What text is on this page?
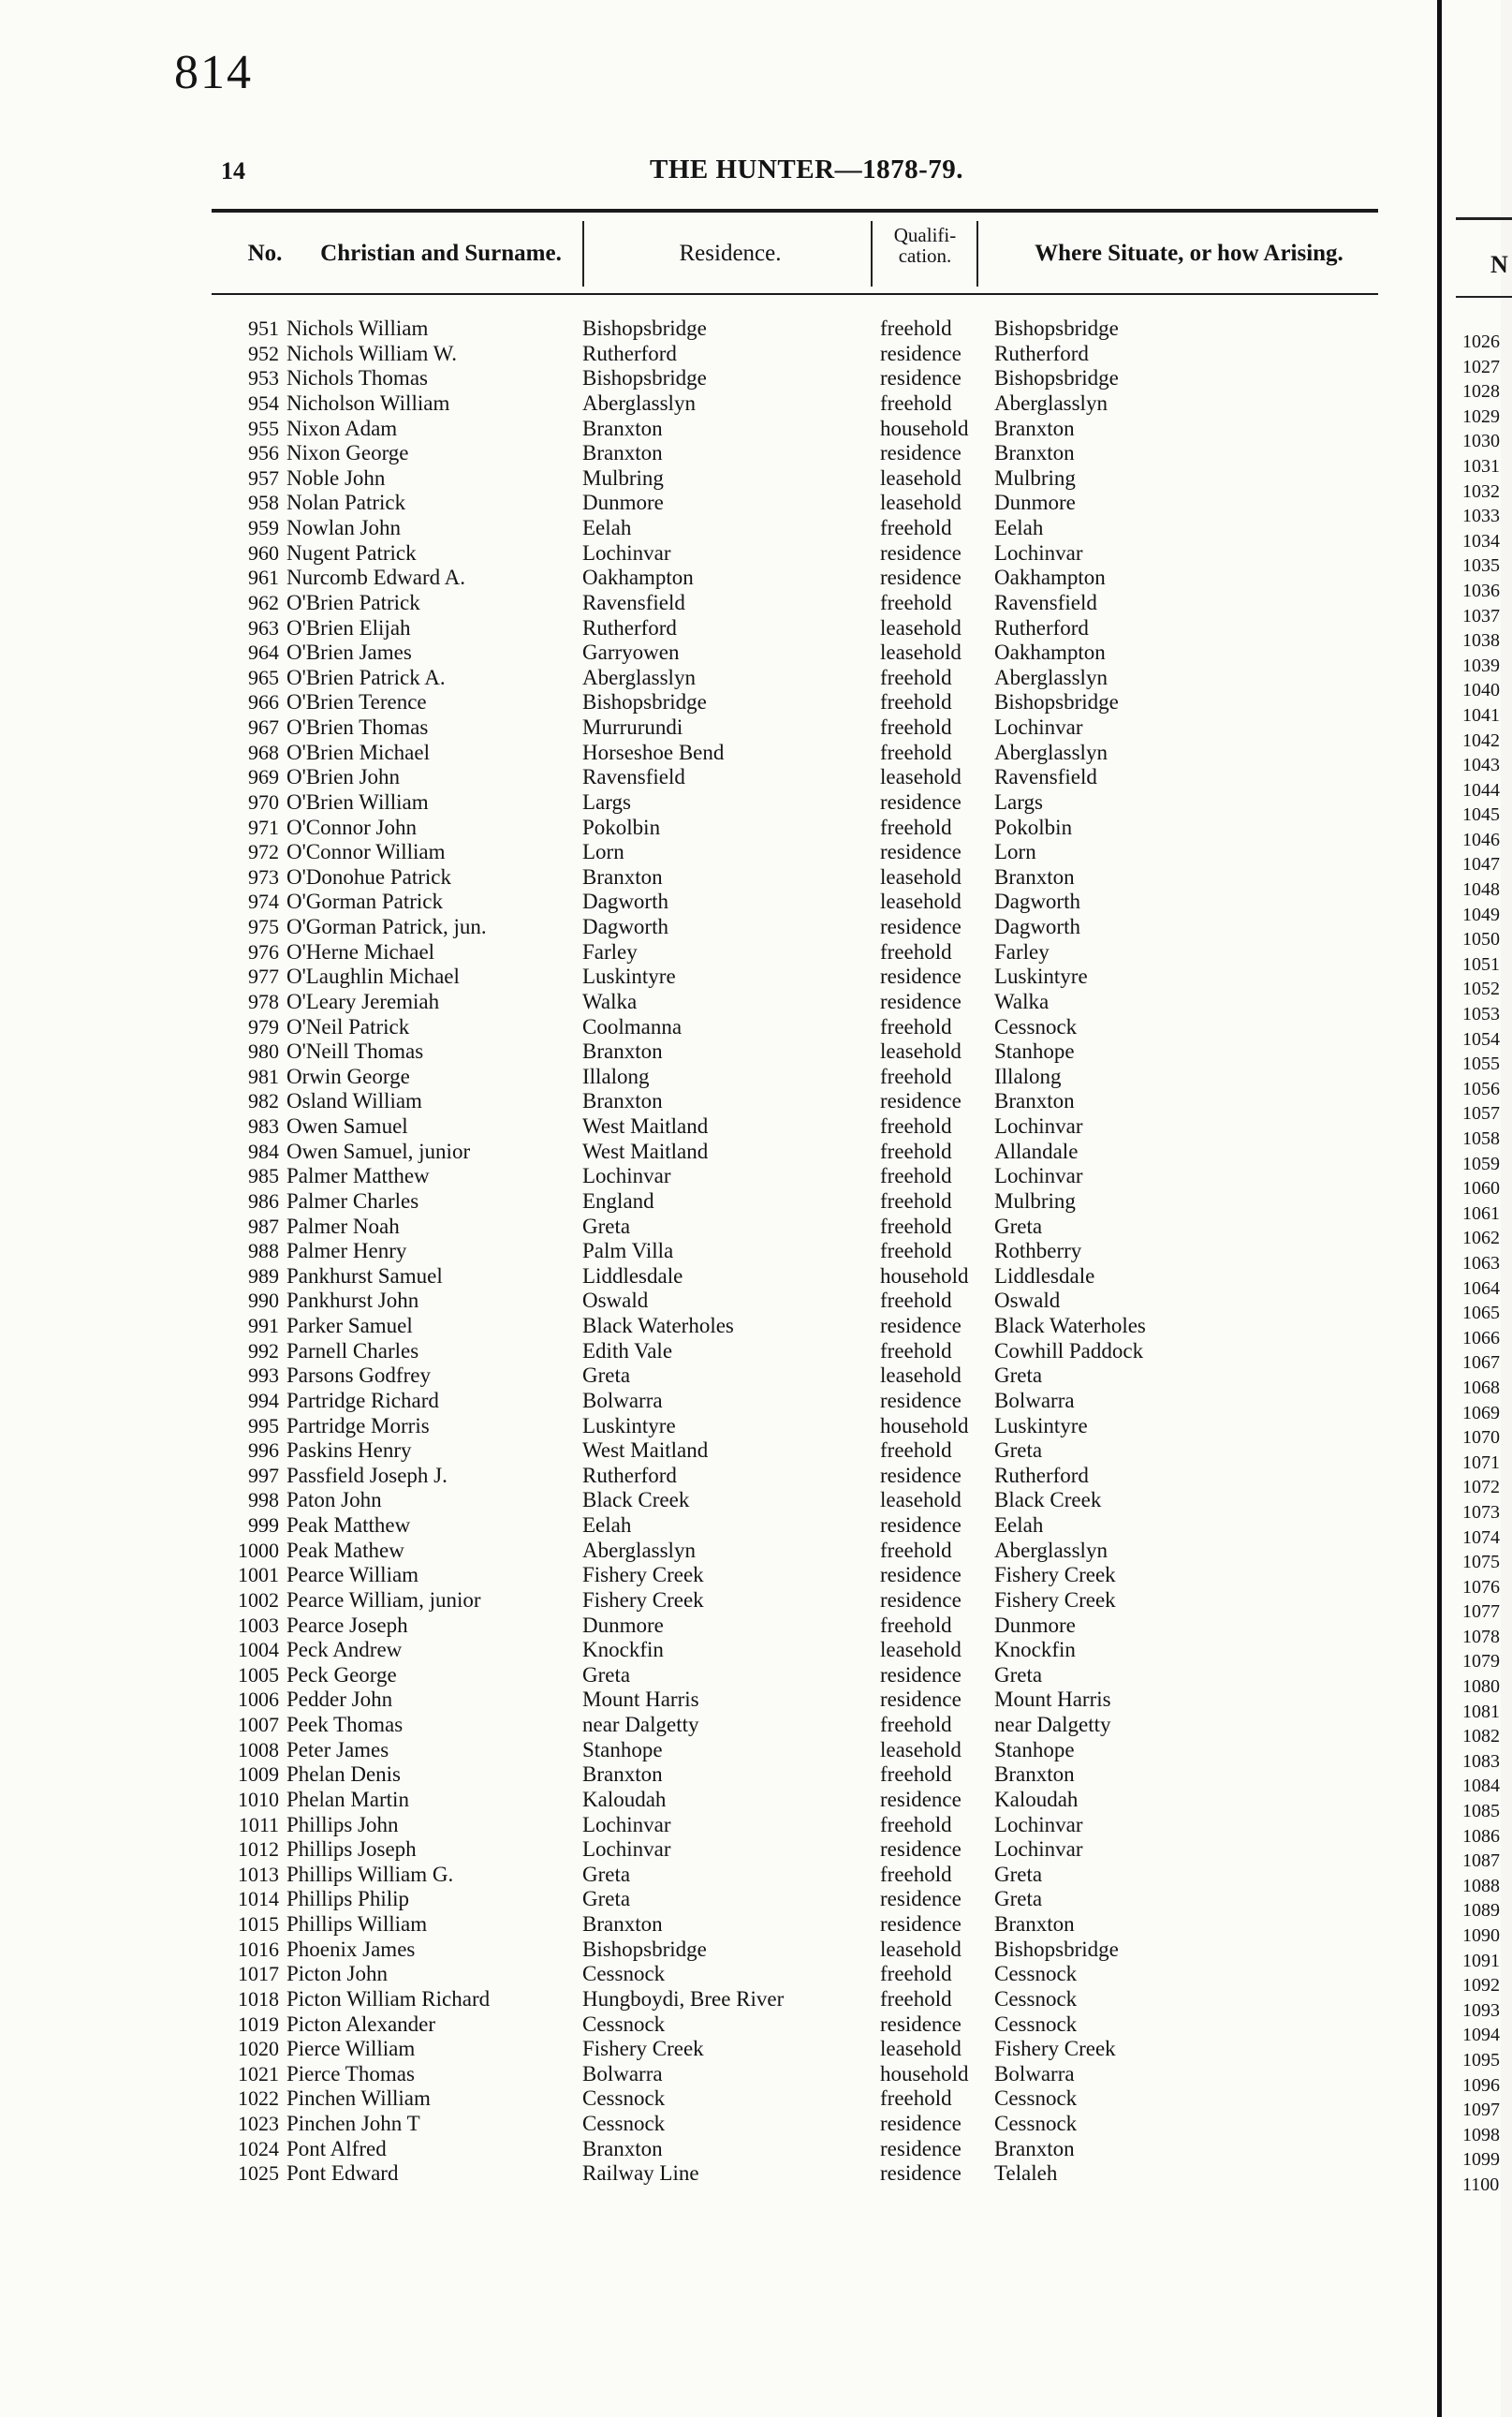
814
14	THE HUNTER—1878-79.
No. Christian and Surname.	Residence.
Qualifi-
cation.	Where Situate, or how Arising.
951 Nichols William	Bishopsbridge	freehold Bishopsbridge
952 Nichols William W.	Rutherford	residence Rutherford
953 Nichols Thomas	Bishopsbridge	residence Bishopsbridge
954 Nicholson William	Aberglasslyn	freehold Aberglasslyn
955 Nixon Adam	Branxton	household Branxton
956 Nixon George	Branxton	residence Branxton
957 Noble John	Mulbring	leasehold Mulbring
958 Nolan Patrick	Dunmore	leasehold Dunmore
959 Nowlan John	Eelah	freehold Eelah
960 Nugent Patrick	Lochinvar	residence Lochinvar
961 Nurcomb Edward A.	Oakhampton	residence Oakhampton
962 O'Brien Patrick	Ravensfield	freehold Ravensfield
963 O'Brien Elijah	Rutherford	leasehold Rutherford
964 O'Brien James	Garryowen	leasehold Oakhampton
965 O'Brien Patrick A.	Aberglasslyn	freehold Aberglasslyn
966 O'Brien Terence	Bishopsbridge	freehold Bishopsbridge
967 O'Brien Thomas	Murrurundi	freehold Lochinvar
968 O'Brien Michael	Horseshoe Bend	freehold Aberglasslyn
969 O'Brien John	Ravensfield	leasehold Ravensfield
970 O'Brien William	Largs	residence Largs
971 O'Connor John	Pokolbin	freehold Pokolbin
972 O'Connor William	Lorn	residence Lorn
973 O'Donohue Patrick	Branxton	leasehold Branxton
974 O'Gorman Patrick	Dagworth	leasehold Dagworth
975 O'Gorman Patrick, jun.	Dagworth	residence Dagworth
976 O'Herne Michael	Farley	freehold Farley
977 O'Laughlin Michael	Luskintyre	residence Luskintyre
978 O'Leary Jeremiah	Walka	residence Walka
979 O'Neil Patrick	Coolmanna	freehold Cessnock
980 O'Neill Thomas	Branxton	leasehold Stanhope
981 Orwin George	Illalong	freehold Illalong
982 Osland William	Branxton	residence Branxton
983 Owen Samuel	West Maitland	freehold Lochinvar
984 Owen Samuel, junior	West Maitland	freehold Allandale
985 Palmer Matthew	Lochinvar	freehold Lochinvar
986 Palmer Charles	England	freehold Mulbring
987 Palmer Noah	Greta	freehold Greta
988 Palmer Henry	Palm Villa	freehold Rothberry
989 Pankhurst Samuel	Liddlesdale	household Liddlesdale
990 Pankhurst John	Oswald	freehold Oswald
991 Parker Samuel	Black Waterholes	residence Black Waterholes
992 Parnell Charles	Edith Vale	freehold Cowhill Paddock
993 Parsons Godfrey	Greta	leasehold Greta
994 Partridge Richard	Bolwarra	residence Bolwarra
995 Partridge Morris	Luskintyre	household Luskintyre
996 Paskins Henry	West Maitland	freehold Greta
997 Passfield Joseph J.	Rutherford	residence Rutherford
998 Paton John	Black Creek	leasehold Black Creek
999 Peak Matthew	Eelah	residence Eelah
1000 Peak Mathew	Aberglasslyn	freehold Aberglasslyn
1001 Pearce William	Fishery Creek	residence Fishery Creek
1002 Pearce William, junior	Fishery Creek	residence Fishery Creek
1003 Pearce Joseph	Dunmore	freehold Dunmore
1004 Peck Andrew	Knockfin	leasehold Knockfin
1005 Peck George	Greta	residence Greta
1006 Pedder John	Mount Harris	residence Mount Harris
1007 Peek Thomas	near Dalgetty	freehold near Dalgetty
1008 Peter James	Stanhope	leasehold Stanhope
1009 Phelan Denis	Branxton	freehold Branxton
1010 Phelan Martin	Kaloudah	residence Kaloudah
1011 Phillips John	Lochinvar	freehold Lochinvar
1012 Phillips Joseph	Lochinvar	residence Lochinvar
1013 Phillips William G.	Greta	freehold Greta
1014 Phillips Philip	Greta	residence Greta
1015 Phillips William	Branxton	residence Branxton
1016 Phoenix James	Bishopsbridge	leasehold Bishopsbridge
1017 Picton John	Cessnock	freehold Cessnock
1018 Picton William Richard	Hungboydi, Bree River	freehold Cessnock
1019 Picton Alexander	Cessnock	residence Cessnock
1020 Pierce William	Fishery Creek	leasehold Fishery Creek
1021 Pierce Thomas	Bolwarra	household Bolwarra
1022 Pinchen William	Cessnock	freehold Cessnock
1023 Pinchen John T	Cessnock	residence Cessnock
1024 Pont Alfred	Branxton	residence Branxton
1025 Pont Edward	Railway Line	residence Telaleh
N
1026
1027
1028
1029
1030
1031
1032
1033
1034
1035
1036
1037
1038
1039
1040
1041
1042
1043
1044
1045
1046
1047
1048
1049
1050
1051
1052
1053
1054
1055
1056
1057
1058
1059
1060
1061
1062
1063
1064
1065
1066
1067
1068
1069
1070
1071
1072
1073
1074
1075
1076
1077
1078
1079
1080
1081
1082
1083
1084
1085
1086
1087
1088
1089
1090
1091
1092
1093
1094
1095
1096
1097
1098
1099
1100
